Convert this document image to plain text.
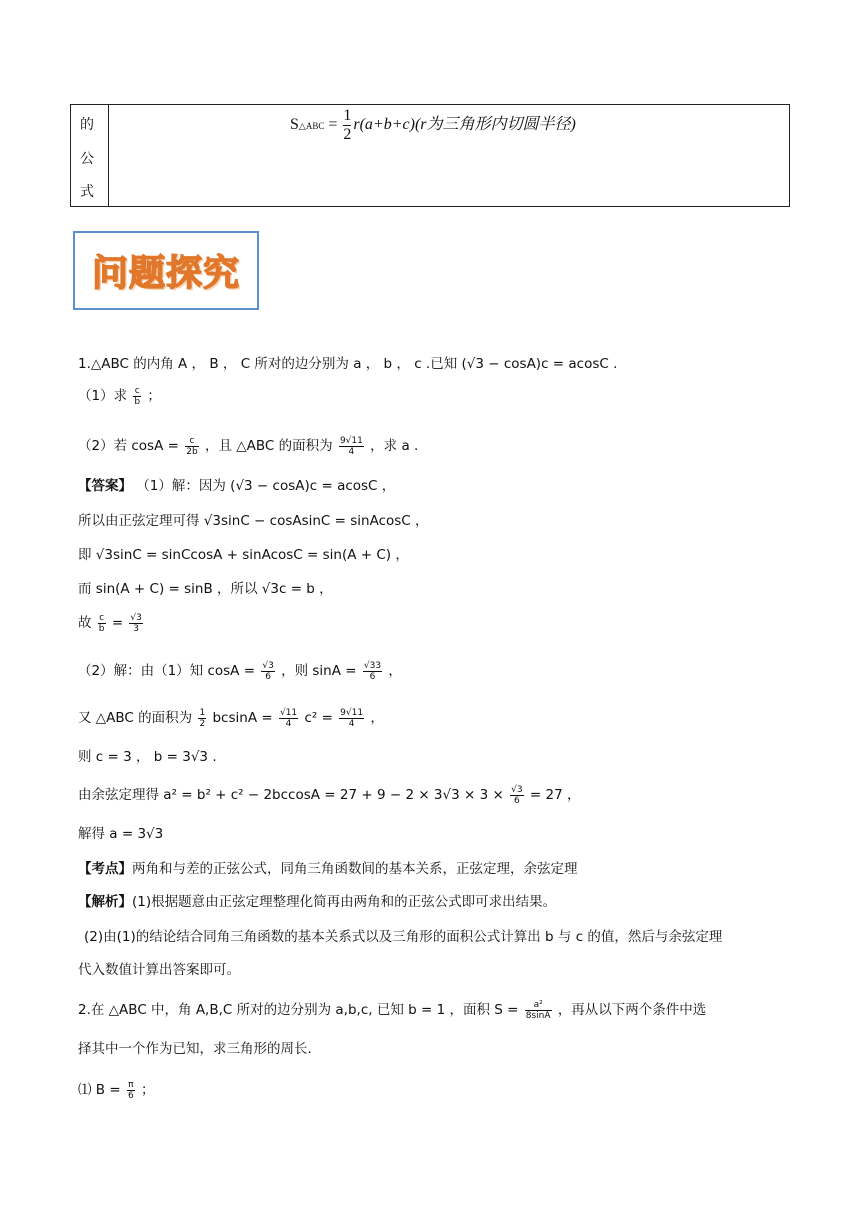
的
公
式
S△ABC = $\frac{1}{2} r(a+b+c)(r$为三角形内切圆半径)
问题探究
1.△ABC 的内角 A ， B ， C 所对的边分别为 a ， b ， c .已知 (√3 − cosA)c = acosC .
（1）求 $\frac{c}{b}$ ；
（2）若 $\cos A = \frac{c}{2b}$ ，且 △ABC 的面积为 $\frac{9√11}{4}$ ，求 a .
【答案】 （1）解：因为 (√3 − cosA)c = acosC ，
所以由正弦定理可得 √3sinC − cosAsinC = sinAcosC ，
即 √3sinC = sinCcosA + sinAcosC = sin(A + C) ，
而 sin(A + C) = sinB ，所以 √3c = b ，
故 $\frac{c}{b} = \frac{√3}{3}$
（2）解：由（1）知 $\cos A = \frac{√3}{6}$ ，则 $\sin A = \frac{√33}{6}$ ，
又 △ABC 的面积为 $\frac{1}{2}$ $bcsinA = \frac{√11}{4} c^2 = \frac{9√11}{4}$ ，
则 c = 3 ， b = 3√3 .
由余弦定理得 $a^2 = b^2 + c^2 - 2bccosA = 27 + 9 - 2 \times 3√3 \times 3 \times \frac{√3}{6} = 27$ ，
解得 a = 3√3
【考点】两角和与差的正弦公式，同角三角函数间的基本关系，正弦定理，余弦定理
【解析】(1)根据题意由正弦定理整理化简再由两角和的正弦公式即可求出结果。
(2)由(1)的结论结合同角三角函数的基本关系式以及三角形的面积公式计算出 b 与 c 的值，然后与余弦定理
代入数值计算出答案即可。
2.在 △ABC 中，角 A,B,C 所对的边分别为 a,b,c, 已知 b = 1 ，面积 $S = \frac{\text{a²}}{8\sin A}$ ，再从以下两个条件中选
择其中一个作为已知，求三角形的周长.
⑴ $B = \frac{\pi}{6}$ ；
